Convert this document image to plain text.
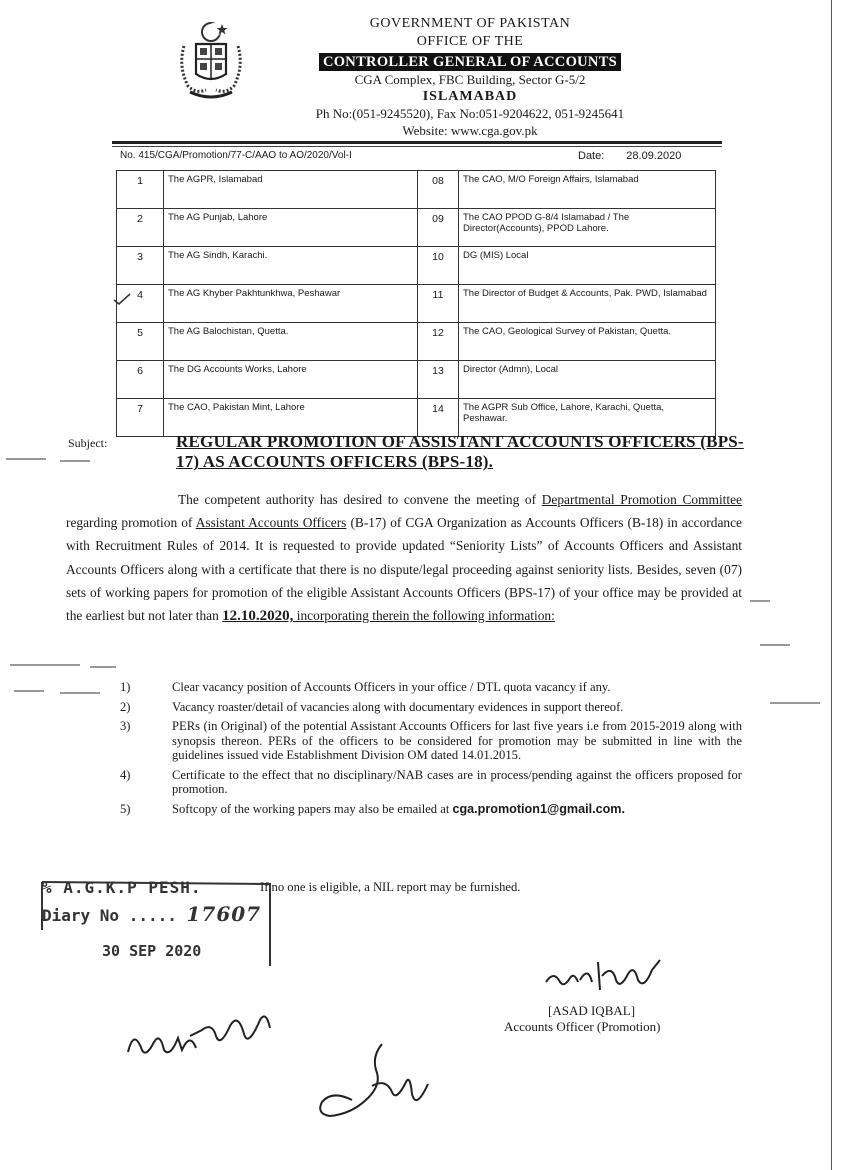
GOVERNMENT OF PAKISTAN
OFFICE OF THE
CONTROLLER GENERAL OF ACCOUNTS
CGA Complex, FBC Building, Sector G-5/2
ISLAMABAD
Ph No:(051-9245520), Fax No:051-9204622, 051-9245641
Website: www.cga.gov.pk
No. 415/CGA/Promotion/77-C/AAO to AO/2020/Vol-I	Date: 28.09.2020
1	The AGPR, Islamabad	08	The CAO, M/O Foreign Affairs, Islamabad
2	The AG Punjab, Lahore	09	The CAO PPOD G-8/4 Islamabad / The Director(Accounts), PPOD Lahore.
3	The AG Sindh, Karachi.	10	DG (MIS) Local
4	The AG Khyber Pakhtunkhwa, Peshawar	11	The Director of Budget & Accounts, Pak. PWD, Islamabad
5	The AG Balochistan, Quetta.	12	The CAO, Geological Survey of Pakistan, Quetta.
6	The DG Accounts Works, Lahore	13	Director (Admn), Local
7	The CAO, Pakistan Mint, Lahore	14	The AGPR Sub Office, Lahore, Karachi, Quetta, Peshawar.
Subject:	REGULAR PROMOTION OF ASSISTANT ACCOUNTS OFFICERS (BPS-17) AS ACCOUNTS OFFICERS (BPS-18).
The competent authority has desired to convene the meeting of Departmental Promotion Committee regarding promotion of Assistant Accounts Officers (B-17) of CGA Organization as Accounts Officers (B-18) in accordance with Recruitment Rules of 2014. It is requested to provide updated “Seniority Lists” of Accounts Officers and Assistant Accounts Officers along with a certificate that there is no dispute/legal proceeding against seniority lists. Besides, seven (07) sets of working papers for promotion of the eligible Assistant Accounts Officers (BPS-17) of your office may be provided at the earliest but not later than 12.10.2020, incorporating therein the following information:
1)	Clear vacancy position of Accounts Officers in your office / DTL quota vacancy if any.
2)	Vacancy roaster/detail of vacancies along with documentary evidences in support thereof.
3)	PERs (in Original) of the potential Assistant Accounts Officers for last five years i.e from 2015-2019 along with synopsis thereon. PERs of the officers to be considered for promotion may be submitted in line with the guidelines issued vide Establishment Division OM dated 14.01.2015.
4)	Certificate to the effect that no disciplinary/NAB cases are in process/pending against the officers proposed for promotion.
5)	Softcopy of the working papers may also be emailed at cga.promotion1@gmail.com.
If no one is eligible, a NIL report may be furnished.
% A.G.K.P PESH.
Diary No ..... 17607
30 SEP 2020
[ASAD IQBAL]
Accounts Officer (Promotion)
